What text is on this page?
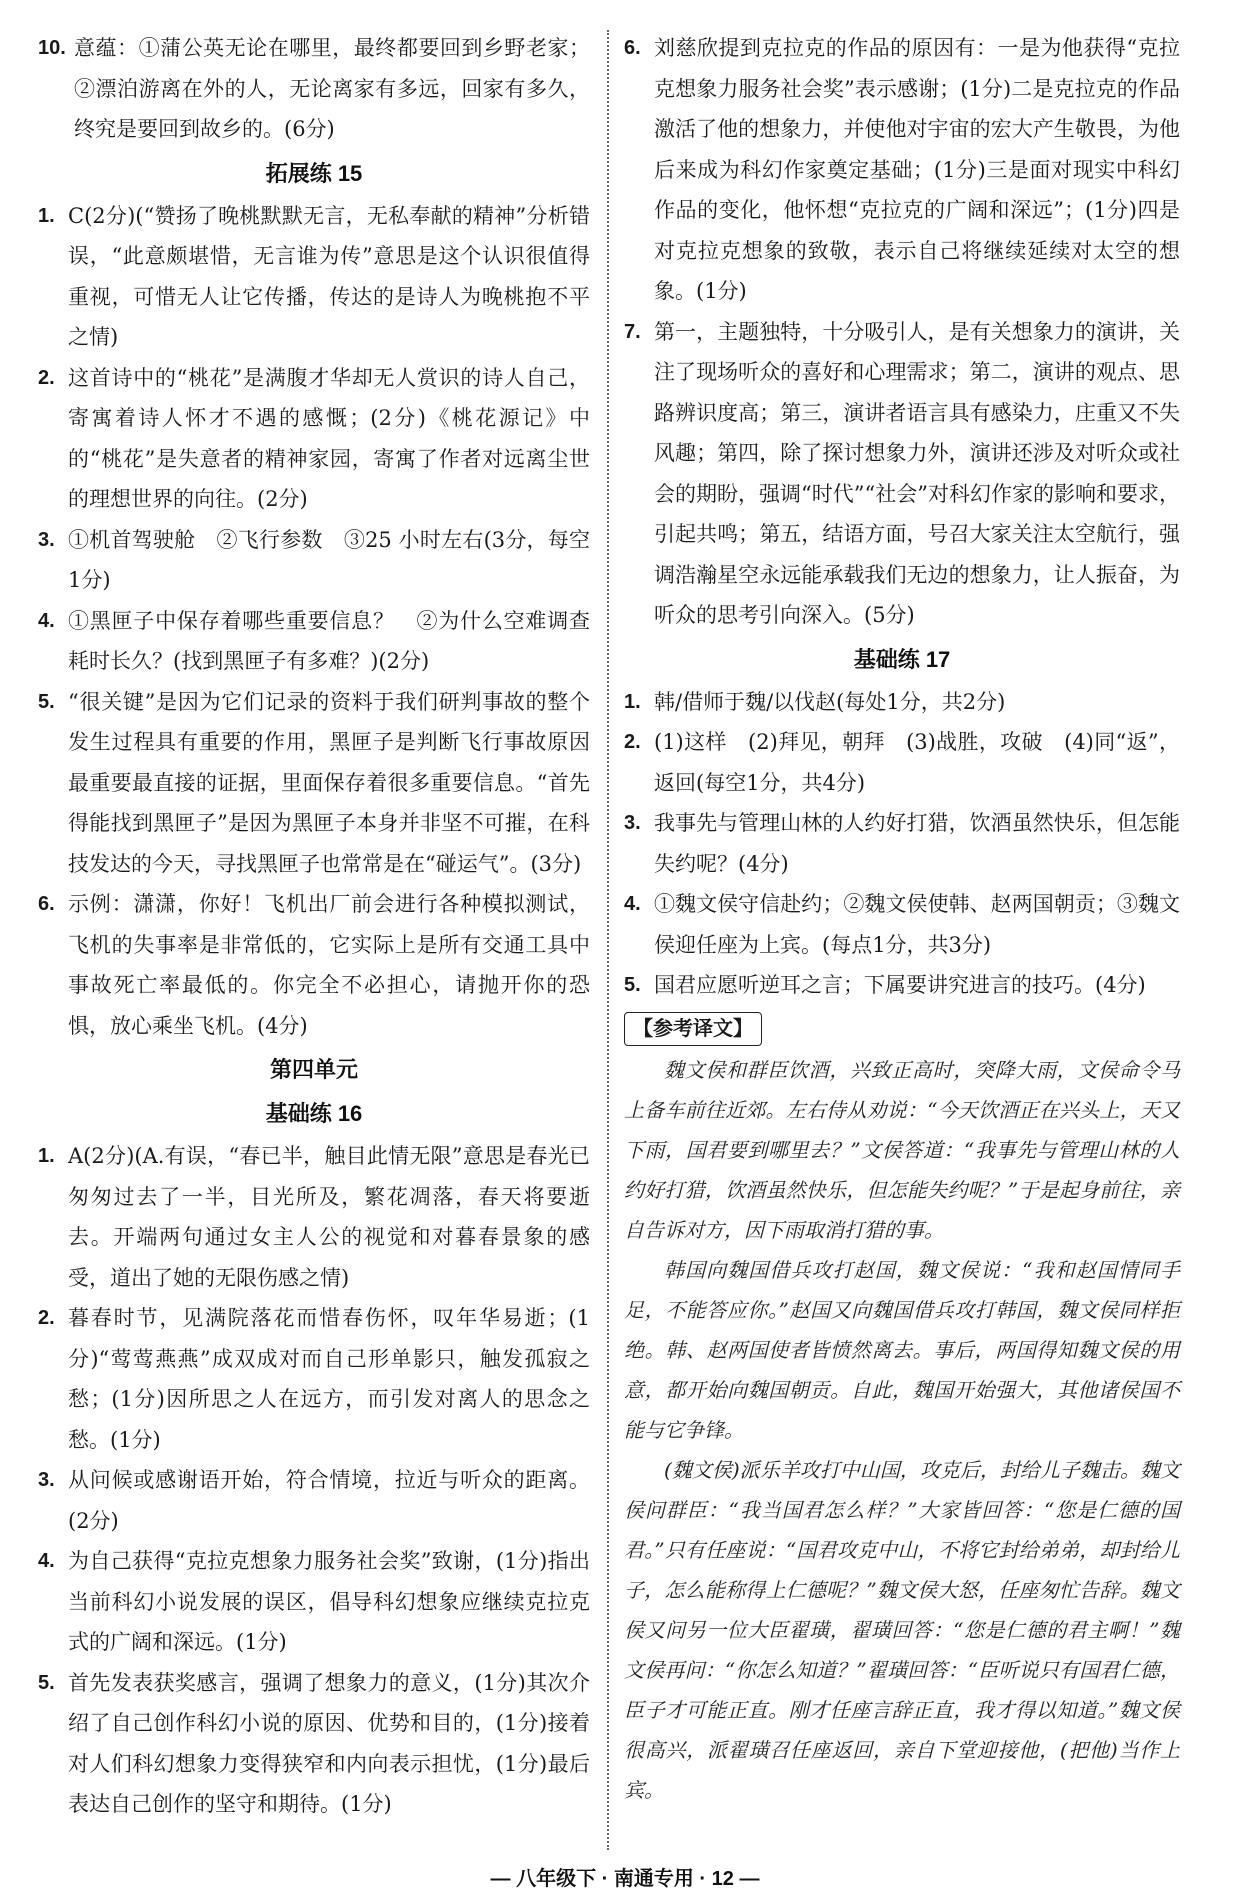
10. 意蕴：①蒲公英无论在哪里，最终都要回到乡野老家；②漂泊游离在外的人，无论离家有多远，回家有多久，终究是要回到故乡的。(6分)
拓展练 15
1. C(2分)(“赞扬了晚桃默默无言，无私奉献的精神”分析错误，“此意颇堪惜，无言谁为传”意思是这个认识很值得重视，可惜无人让它传播，传达的是诗人为晚桃抱不平之情)
2. 这首诗中的“桃花”是满腹才华却无人赏识的诗人自己，寄寓着诗人怀才不遇的感慨；(2分)《桃花源记》中的“桃花”是失意者的精神家园，寄寓了作者对远离尘世的理想世界的向往。(2分)
3. ①机首驾驶舱　②飞行参数　③25 小时左右(3分，每空1分)
4. ①黑匣子中保存着哪些重要信息？　②为什么空难调查耗时长久？(找到黑匣子有多难？)(2分)
5. “很关键”是因为它们记录的资料于我们研判事故的整个发生过程具有重要的作用，黑匣子是判断飞行事故原因最重要最直接的证据，里面保存着很多重要信息。“首先得能找到黑匣子”是因为黑匣子本身并非坚不可摧，在科技发达的今天，寻找黑匣子也常常是在“碰运气”。(3分)
6. 示例：潇潇，你好！飞机出厂前会进行各种模拟测试，飞机的失事率是非常低的，它实际上是所有交通工具中事故死亡率最低的。你完全不必担心，请抛开你的恐惧，放心乘坐飞机。(4分)
第四单元
基础练 16
1. A(2分)(A.有误，“春已半，触目此情无限”意思是春光已匆匆过去了一半，目光所及，繁花凋落，春天将要逝去。开端两句通过女主人公的视觉和对暮春景象的感受，道出了她的无限伤感之情)
2. 暮春时节，见满院落花而惜春伤怀，叹年华易逝；(1分)“莺莺燕燕”成双成对而自己形单影只，触发孤寂之愁；(1分)因所思之人在远方，而引发对离人的思念之愁。(1分)
3. 从问候或感谢语开始，符合情境，拉近与听众的距离。(2分)
4. 为自己获得“克拉克想象力服务社会奖”致谢，(1分)指出当前科幻小说发展的误区，倡导科幻想象应继续克拉克式的广阔和深远。(1分)
5. 首先发表获奖感言，强调了想象力的意义，(1分)其次介绍了自己创作科幻小说的原因、优势和目的，(1分)接着对人们科幻想象力变得狭窄和内向表示担忧，(1分)最后表达自己创作的坚守和期待。(1分)
6. 刘慈欣提到克拉克的作品的原因有：一是为他获得“克拉克想象力服务社会奖”表示感谢；(1分)二是克拉克的作品激活了他的想象力，并使他对宇宙的宏大产生敬畏，为他后来成为科幻作家奠定基础；(1分)三是面对现实中科幻作品的变化，他怀想“克拉克的广阔和深远”；(1分)四是对克拉克想象的致敬，表示自己将继续延续对太空的想象。(1分)
7. 第一，主题独特，十分吸引人，是有关想象力的演讲，关注了现场听众的喜好和心理需求；第二，演讲的观点、思路辨识度高；第三，演讲者语言具有感染力，庄重又不失风趣；第四，除了探讨想象力外，演讲还涉及对听众或社会的期盼，强调“时代”“社会”对科幻作家的影响和要求，引起共鸣；第五，结语方面，号召大家关注太空航行，强调浩瀚星空永远能承载我们无边的想象力，让人振奋，为听众的思考引向深入。(5分)
基础练 17
1. 韩/借师于魏/以伐赵(每处1分，共2分)
2. (1)这样　(2)拜见，朝拜　(3)战胜，攻破　(4)同“返”，返回(每空1分，共4分)
3. 我事先与管理山林的人约好打猎，饮酒虽然快乐，但怎能失约呢？(4分)
4. ①魏文侯守信赴约；②魏文侯使韩、赵两国朝贡；③魏文侯迎任座为上宾。(每点1分，共3分)
5. 国君应愿听逆耳之言；下属要讲究进言的技巧。(4分)
【参考译文】

魏文侯和群臣饮酒，兴致正高时，突降大雨，文侯命令马上备车前往近郊。左右侍从劝说：“今天饮酒正在兴头上，天又下雨，国君要到哪里去？”文侯答道：“我事先与管理山林的人约好打猎，饮酒虽然快乐，但怎能失约呢？”于是起身前往，亲自告诉对方，因下雨取消打猎的事。

韩国向魏国借兵攻打赵国，魏文侯说：“我和赵国情同手足，不能答应你。”赵国又向魏国借兵攻打韩国，魏文侯同样拒绝。韩、赵两国使者皆愤然离去。事后，两国得知魏文侯的用意，都开始向魏国朝贡。自此，魏国开始强大，其他诸侯国不能与它争锋。

(魏文侯)派乐羊攻打中山国，攻克后，封给儿子魏击。魏文侯问群臣：“我当国君怎么样？”大家皆回答：“您是仁德的国君。”只有任座说：“国君攻克中山，不将它封给弟弟，却封给儿子，怎么能称得上仁德呢？”魏文侯大怒，任座匆忙告辞。魏文侯又问另一位大臣翟璜，翟璜回答：“您是仁德的君主啊！”魏文侯再问：“你怎么知道？”翟璜回答：“臣听说只有国君仁德，臣子才可能正直。刚才任座言辞正直，我才得以知道。”魏文侯很高兴，派翟璜召任座返回，亲自下堂迎接他，(把他)当作上宾。

— 八年级下 · 南通专用 · 12 —
